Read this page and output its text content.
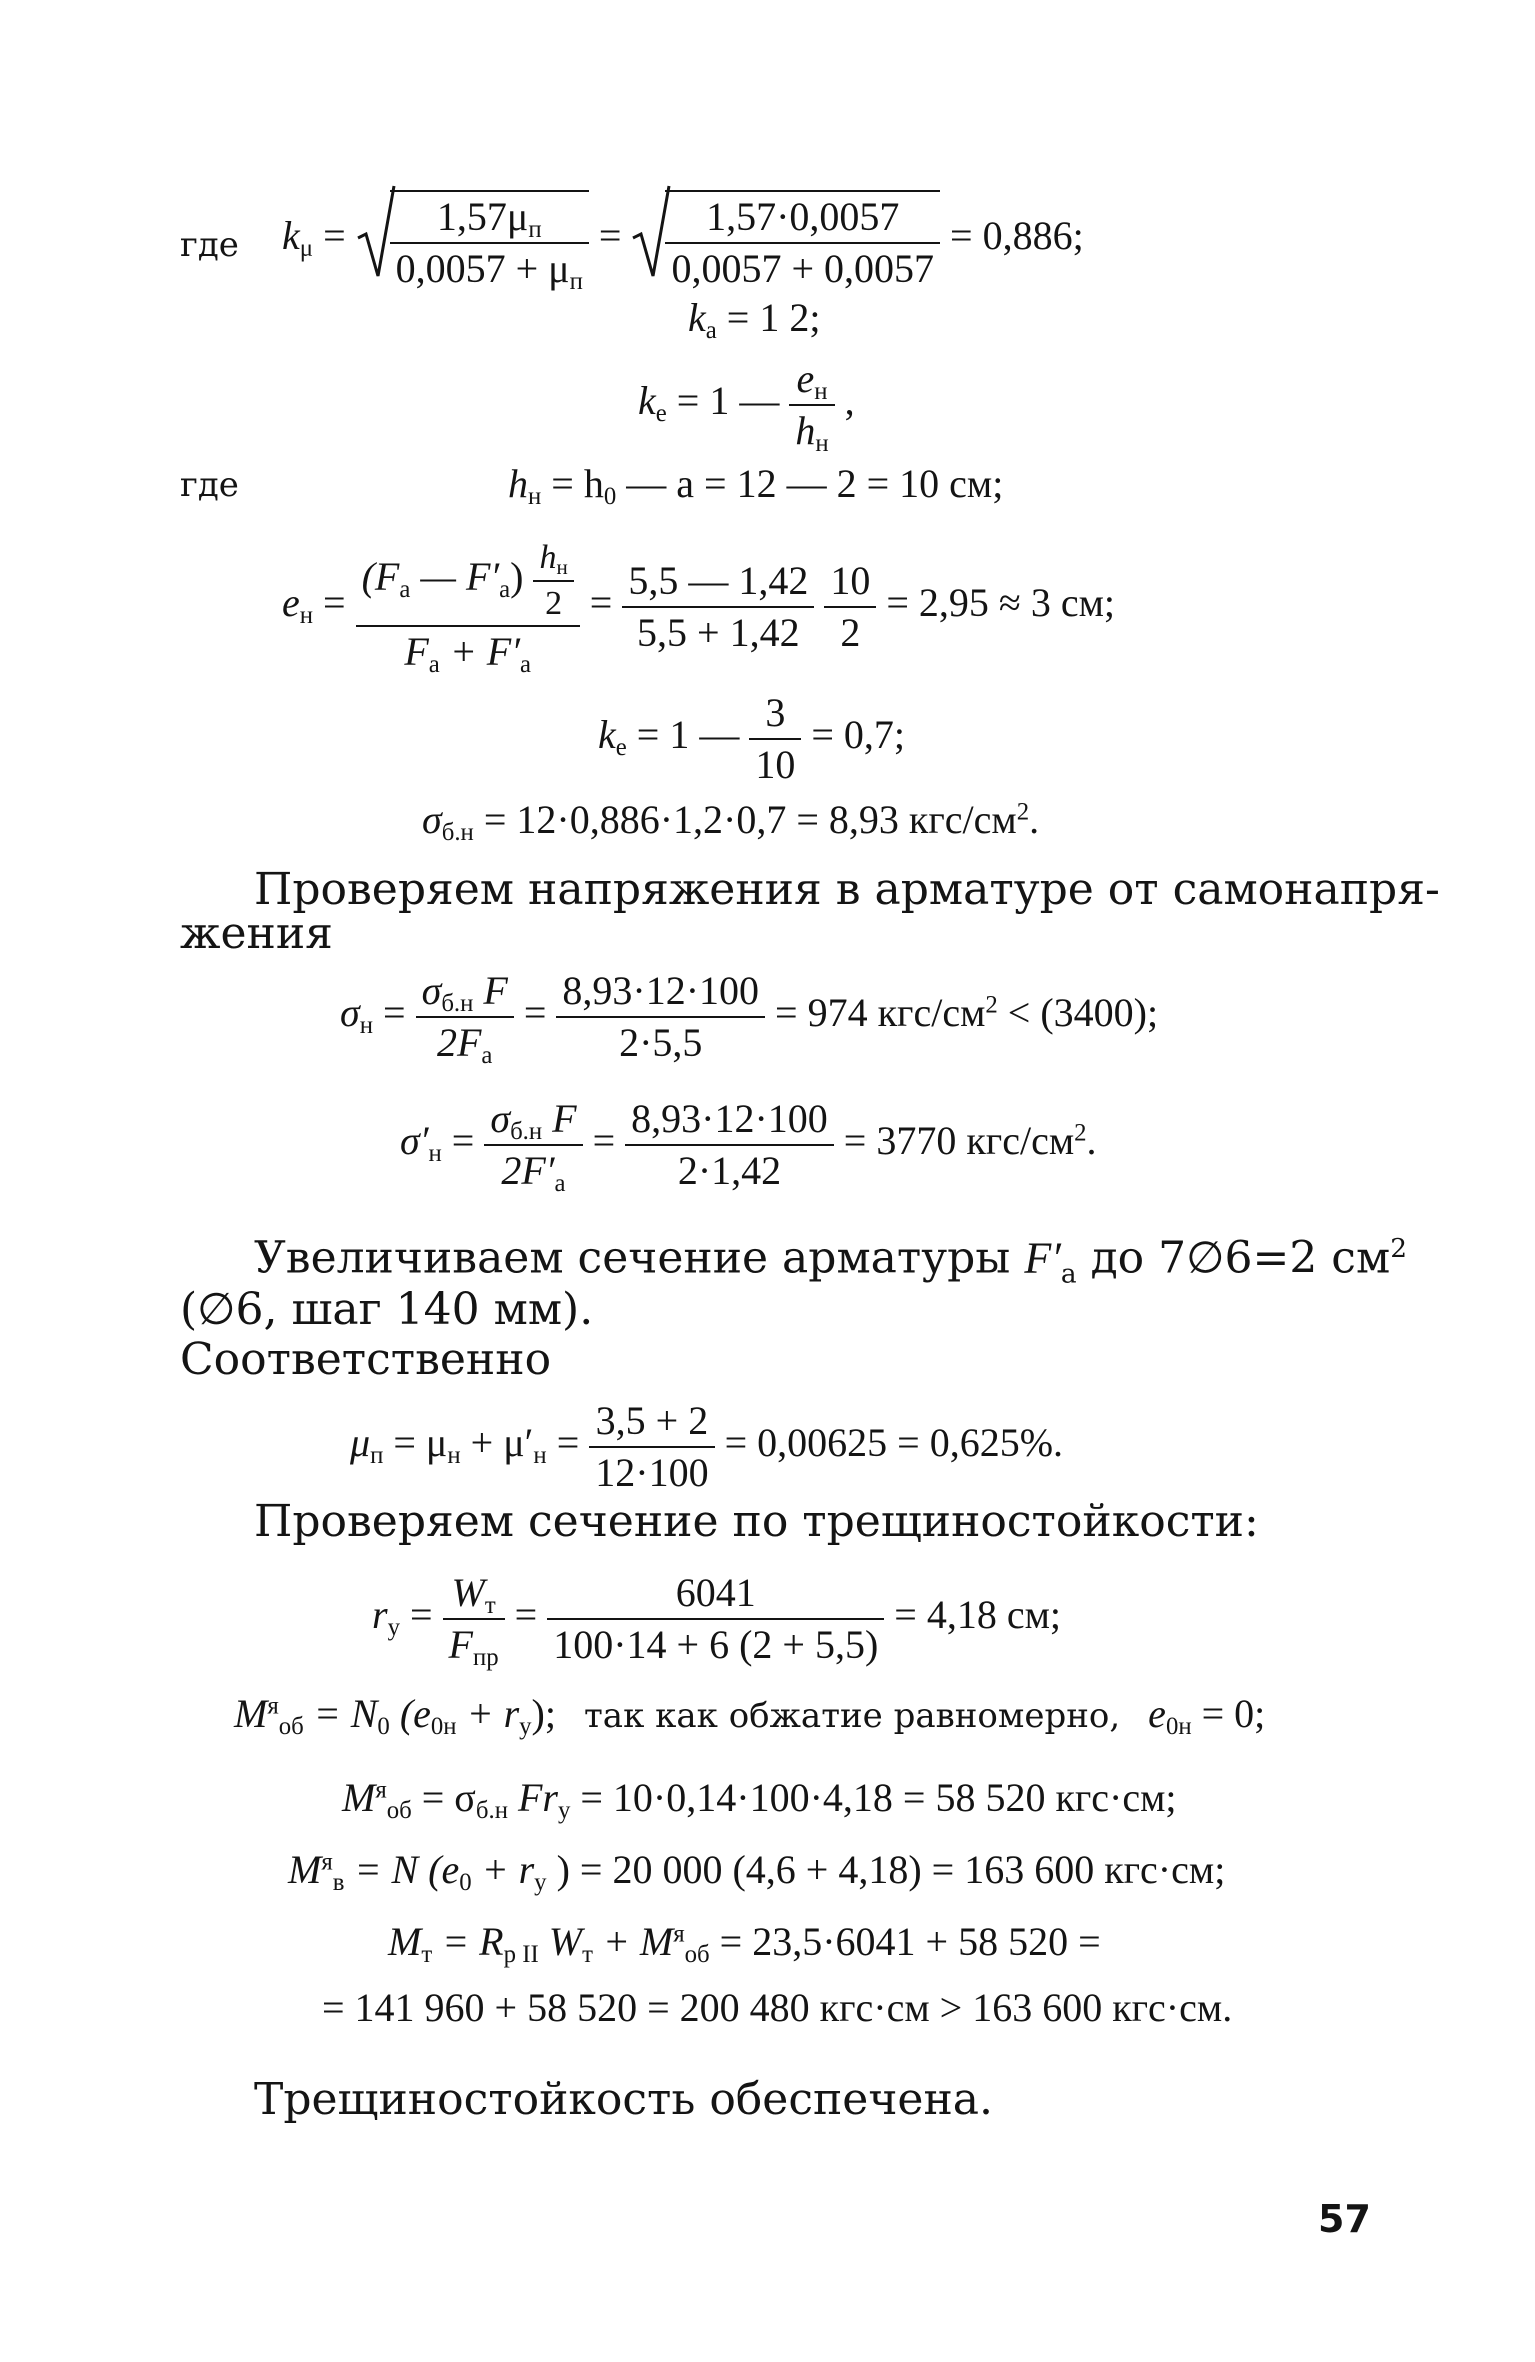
где $k_\mu = \frac{1,57\mu_п}{0,0057 + \mu_п} = \frac{1,57\cdot 0,0057}{0,0057 + 0,0057} = 0,886$;
$k_а = 1$ 2;
$k_e = 1$ — $\frac{e_н}{h_н}$ ,
где	$h_н = h_0$ — a = 12 — 2 = 10 см;
$e_н = \frac{(F_а — F'_а) \frac{h_н}{2}}{F_а + F'_а} = \frac{5,5 — 1,42}{5,5 + 1,42}$
$\frac{10}{2} = 2,95 \approx 3$ см;
$k_e = 1$ — $\frac{3}{10} = 0,7$;
$\sigma_{б.н} = 12\cdot 0,886\cdot 1,2\cdot 0,7 = 8,93$ кгс/$см^2$.
Проверяем напряжения в арматуре от самонапря-
жения
$\sigma_н = \frac{\sigma_{б.н} F}{2F_а} = \frac{8,93\cdot 12\cdot 100}{2\cdot 5,5} = 974$ кгс/$см^2 < (3400)$;
$\sigma'_н = \frac{\sigma_{б.н} F}{2F'_а} = \frac{8,93\cdot 12\cdot 100}{2\cdot 1,42} = 3770$ кгс/$см^2$.
Увеличиваем сечение арматуры $F'_а$ до 7∅6=2 $см^2$
(∅6, шаг 140 мм).
Соответственно
$\mu_п = \mu_н + \mu'_н = \frac{3,5 + 2}{12\cdot 100} = 0,00625 = 0,625\%$.
Проверяем сечение по трещиностойкости:
$r_y = \frac{W_т}{F_{пр}} = \frac{6041}{100\cdot 14 + 6 (2 + 5,5)} = 4,18$ см;
$M^я_{об} = N_0$ $(e_{0н} + r_y)$; так как обжатие равномерно, $e_{0н} = 0$;
$M^я_{об} = \sigma_{б.н}$ $Fr_y = 10\cdot 0,14\cdot 100\cdot 4,18 = 58$ 520 кгс·см;
$M^я_в = N$ ($e_0 + r_y$ ) = 20 000 (4,6 + 4,18) = 163 600 кгс·см;
$M_т = R_{p II}$ $W_т + M^я_{об} = 23,5\cdot 6041 + 58$ 520 =
= 141 960 + 58 520 = 200 480 кгс·см > 163 600 кгс·см.
Трещиностойкость обеспечена.
57
